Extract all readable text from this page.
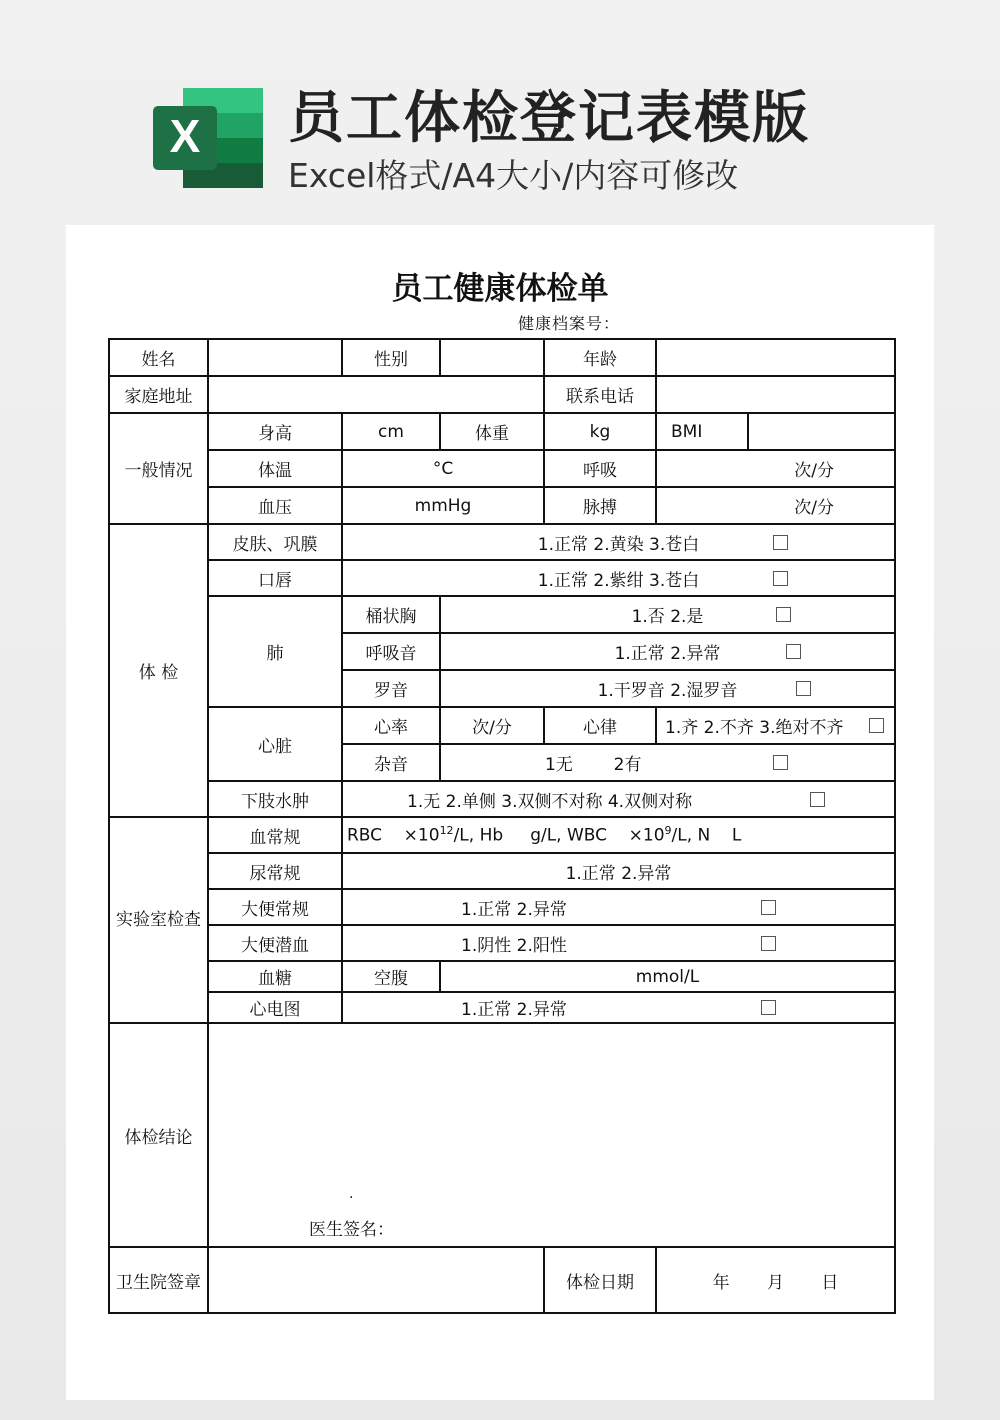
X 员工体检登记表模版
Excel格式/A4大小/内容可修改
员工健康体检单
健康档案号：
姓名		性别		年龄		
家庭地址				联系电话		
一般情况	身高	cm	体重	kg	BMI	
	体温	°C		呼吸	次/分	
	血压	mmHg		脉搏	次/分	
体 检	皮肤、巩膜	1.正常 2.黄染 3.苍白				

	口唇	1.正常 2.紫绀 3.苍白				

	肺	桶状胸	1.否 2.是			

		呼吸音	1.正常 2.异常			

		罗音	1.干罗音 2.湿罗音			

	心脏	心率	次/分	心律	1.齐 2.不齐 3.绝对不齐	

		杂音	1无 2有			

	下肢水肿	1.无 2.单侧 3.双侧不对称 4.双侧对称				

实验室检查	血常规	RBC $\times 10^{12}/L$, Hb g/L, WBC $\times 10^9/L$, N L				
	尿常规	1.正常 2.异常				
	大便常规	1.正常 2.异常				

	大便潜血	1.阴性 2.阳性				

	血糖	空腹	mmol/L			
	心电图	1.正常 2.异常				

体检结论	.
医生签名：					

卫生院签章				体检日期	年 月 日	
